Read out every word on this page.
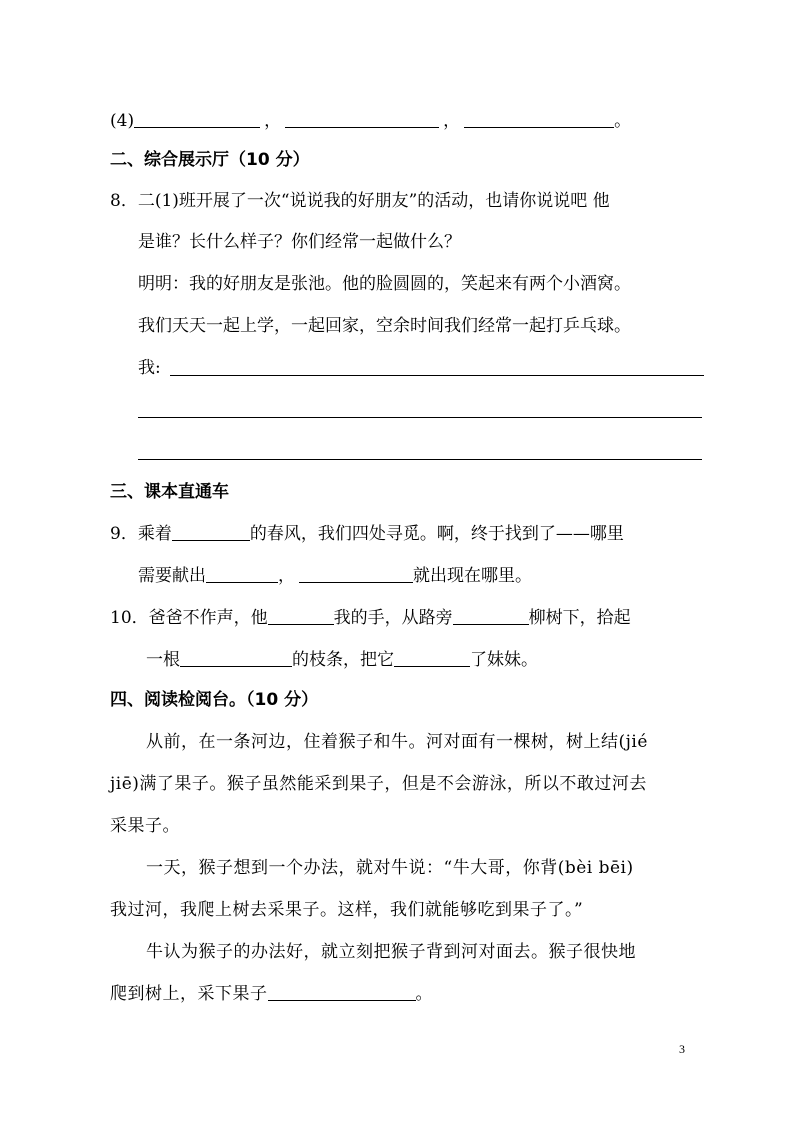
(4)	，	，	。
二、综合展示厅（10 分）
8．二(1)班开展了一次“说说我的好朋友”的活动，也请你说说吧 他
是谁？长什么样子？你们经常一起做什么？
明明：我的好朋友是张池。他的脸圆圆的，笑起来有两个小酒窝。
我们天天一起上学，一起回家，空余时间我们经常一起打乒乓球。
我:
三、课本直通车
9．乘着	的春风，我们四处寻觅。啊，终于找到了——哪里
需要献出	，	就出现在哪里。
10．爸爸不作声，他	我的手，从路旁	柳树下，拾起
一根	的枝条，把它	了妹妹。
四、阅读检阅台。（10 分）
从前，在一条河边，住着猴子和牛。河对面有一棵树，树上结(jié
jiē)满了果子。猴子虽然能采到果子，但是不会游泳，所以不敢过河去
采果子。
一天，猴子想到一个办法，就对牛说：“牛大哥，你背(bèi bēi)
我过河，我爬上树去采果子。这样，我们就能够吃到果子了。”
牛认为猴子的办法好，就立刻把猴子背到河对面去。猴子很快地
爬到树上，采下果子	。
3
